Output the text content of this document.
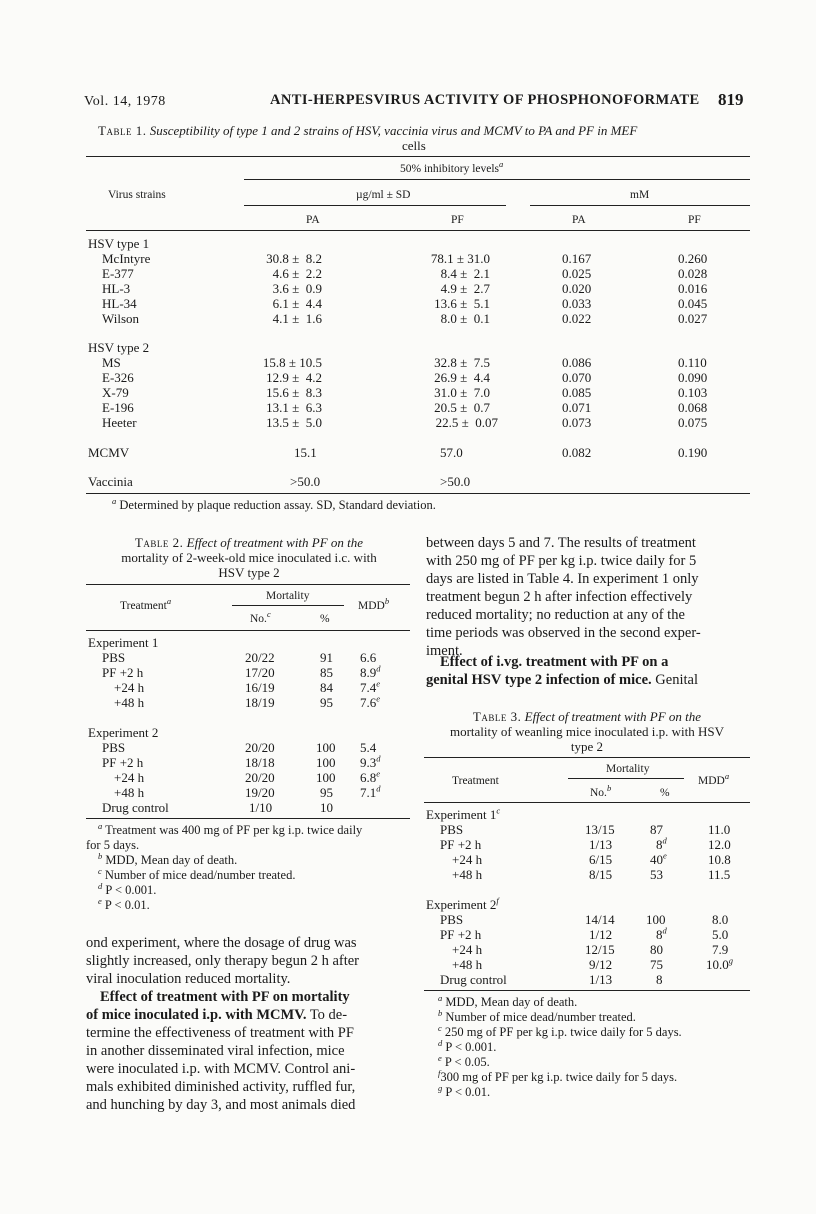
Vol. 14, 1978	ANTI-HERPESVIRUS ACTIVITY OF PHOSPHONOFORMATE 819
Table 1. Susceptibility of type 1 and 2 strains of HSV, vaccinia virus and MCMV to PA and PF in MEF
cells
50% inhibitory levels$^a$
Virus strains	µg/ml ± SD	mM
PA	PF	PA	PF
HSV type 1
McIntyre	30.8 ±  8.2	78.1 ± 31.0	0.167	0.260
E-377	4.6 ±  2.2	8.4 ±  2.1	0.025	0.028
HL-3	3.6 ±  0.9	4.9 ±  2.7	0.020	0.016
HL-34	6.1 ±  4.4	13.6 ±  5.1	0.033	0.045
Wilson	4.1 ±  1.6	8.0 ±  0.1	0.022	0.027
HSV type 2
MS	15.8 ± 10.5	32.8 ±  7.5	0.086	0.110
E-326	12.9 ±  4.2	26.9 ±  4.4	0.070	0.090
X-79	15.6 ±  8.3	31.0 ±  7.0	0.085	0.103
E-196	13.1 ±  6.3	20.5 ±  0.7	0.071	0.068
Heeter	13.5 ±  5.0	22.5 ±  0.07	0.073	0.075
MCMV	15.1	57.0	0.082	0.190
Vaccinia	>50.0	>50.0
$^a$ Determined by plaque reduction assay. SD, Standard deviation.
Table 2. Effect of treatment with PF on the
mortality of 2-week-old mice inoculated i.c. with
HSV type 2
Mortality
Treatment$^a$	MDD$^b$
No.$^c$	%
Experiment 1
PBS	20/22	91 6.6
PF +2 h	17/20	85 8.9$^d$
+24 h	16/19	84 7.4$^e$
+48 h	18/19	95 7.6e
Experiment 2
PBS	20/20	100 5.4
PF +2 h	18/18	100 9.3$^d$
+24 h	20/20	100 6.8$^e$
+48 h	19/20	95 7.1$^d$
Drug control	1/10	10
$^a$ Treatment was 400 mg of PF per kg i.p. twice daily
for 5 days.
$^b$ MDD, Mean day of death.
$^c$ Number of mice dead/number treated.
$^d$ P < 0.001.
$^e$ P < 0.01.
ond experiment, where the dosage of drug was
slightly increased, only therapy begun 2 h after
viral inoculation reduced mortality.
Effect of treatment with PF on mortality
of mice inoculated i.p. with MCMV. To de-
termine the effectiveness of treatment with PF
in another disseminated viral infection, mice
were inoculated i.p. with MCMV. Control ani-
mals exhibited diminished activity, ruffled fur,
and hunching by day 3, and most animals died
between days 5 and 7. The results of treatment
with 250 mg of PF per kg i.p. twice daily for 5
days are listed in Table 4. In experiment 1 only
treatment begun 2 h after infection effectively
reduced mortality; no reduction at any of the
time periods was observed in the second exper-
iment.
Effect of i.vg. treatment with PF on a
genital HSV type 2 infection of mice. Genital
Table 3. Effect of treatment with PF on the
mortality of weanling mice inoculated i.p. with HSV
type 2
Mortality
Treatment	MDD$^a$
No.$^b$	%
Experiment 1$^c$
PBS	13/15	87	11.0
PF +2 h	1/13	8$^d$	12.0
+24 h	6/15	40e	10.8
+48 h	8/15	53	11.5
Experiment 2$^f$
PBS	14/14 100	8.0
PF +2 h	1/12	8$^d$	5.0
+24 h	12/15	80	7.9
+48 h	9/12	75	10.0$^g$
Drug control	1/13	8
$^a$ MDD, Mean day of death.
$^b$ Number of mice dead/number treated.
$^c$ 250 mg of PF per kg i.p. twice daily for 5 days.
$^d$ P < 0.001.
$^e$ P < 0.05.
$^f$300 mg of PF per kg i.p. twice daily for 5 days.
$^g$ P < 0.01.
